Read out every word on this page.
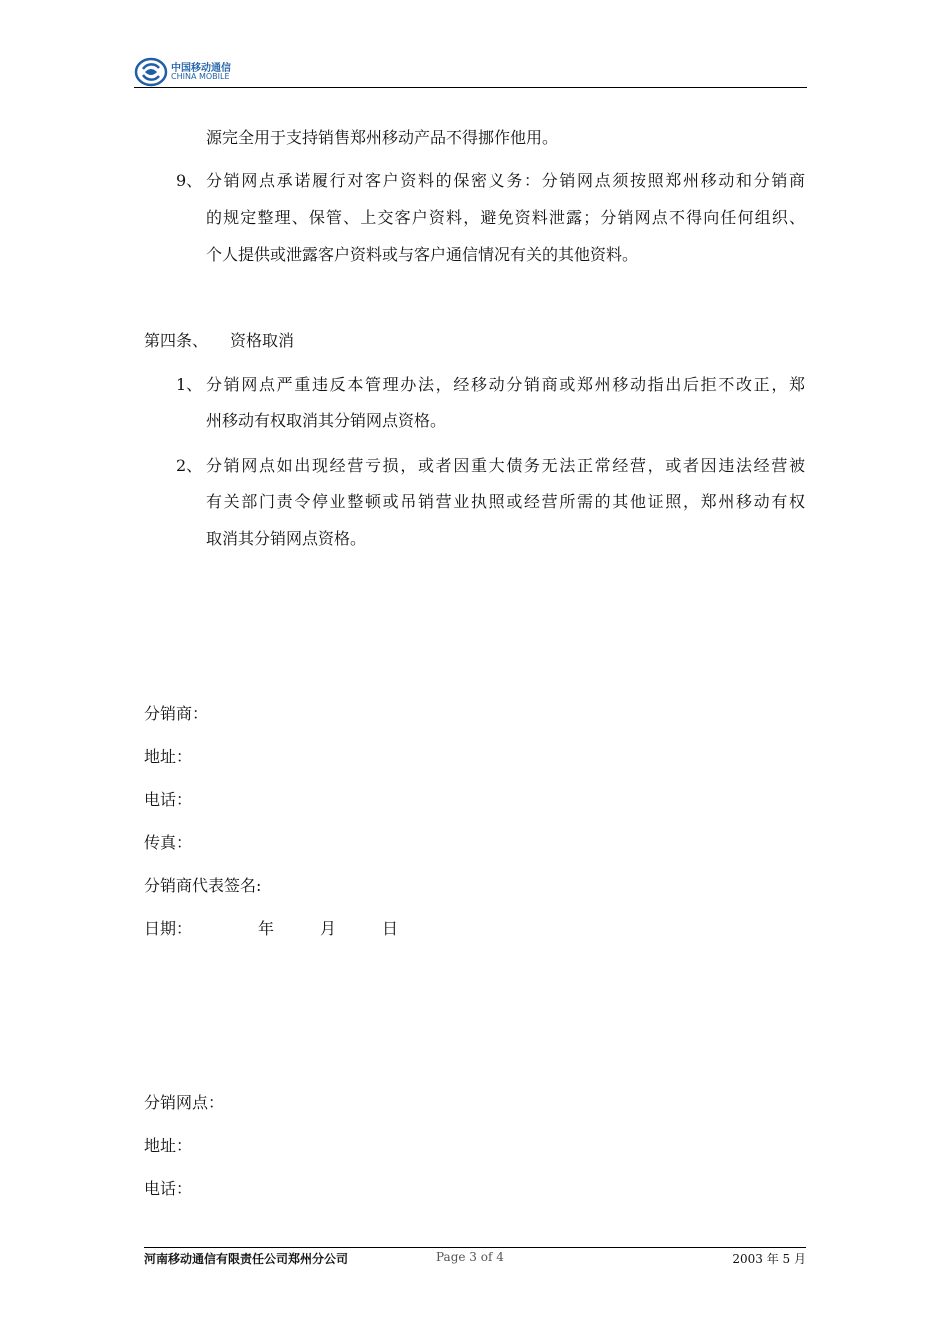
中国移动通信
CHINA MOBILE
源完全用于支持销售郑州移动产品不得挪作他用。
9、 分销网点承诺履行对客户资料的保密义务：分销网点须按照郑州移动和分销商
的规定整理、保管、上交客户资料，避免资料泄露；分销网点不得向任何组织、
个人提供或泄露客户资料或与客户通信情况有关的其他资料。
第四条、 资格取消
1、 分销网点严重违反本管理办法，经移动分销商或郑州移动指出后拒不改正，郑
州移动有权取消其分销网点资格。
2、 分销网点如出现经营亏损，或者因重大债务无法正常经营，或者因违法经营被
有关部门责令停业整顿或吊销营业执照或经营所需的其他证照，郑州移动有权
取消其分销网点资格。
分销商：
地址：
电话：
传真：
分销商代表签名:
日期：	年	月	日
分销网点：
地址：
电话：
河南移动通信有限责任公司郑州分公司	Page 3 of 4	2003 年 5 月
